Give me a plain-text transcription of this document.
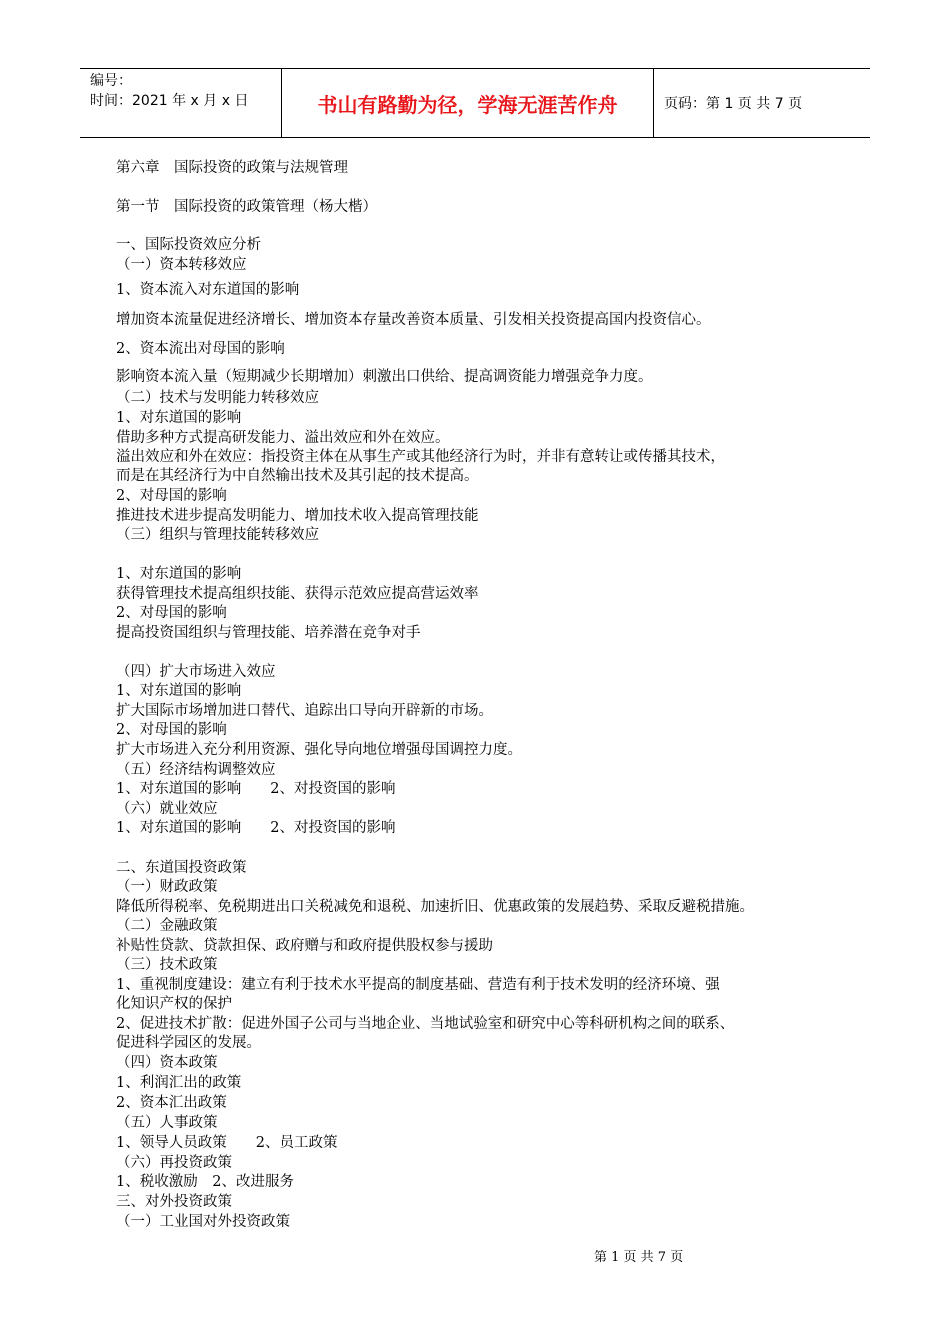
编号：
时间：2021 年 x 月 x 日	书山有路勤为径，学海无涯苦作舟	页码：第 1 页 共 7 页
第六章　国际投资的政策与法规管理
第一节　国际投资的政策管理（杨大楷）
一、国际投资效应分析
（一）资本转移效应
1、资本流入对东道国的影响
增加资本流量促进经济增长、增加资本存量改善资本质量、引发相关投资提高国内投资信心。
2、资本流出对母国的影响
影响资本流入量（短期减少长期增加）刺激出口供给、提高调资能力增强竞争力度。
（二）技术与发明能力转移效应
1、对东道国的影响
借助多种方式提高研发能力、溢出效应和外在效应。
溢出效应和外在效应：指投资主体在从事生产或其他经济行为时，并非有意转让或传播其技术，
而是在其经济行为中自然输出技术及其引起的技术提高。
2、对母国的影响
推进技术进步提高发明能力、增加技术收入提高管理技能
（三）组织与管理技能转移效应
1、对东道国的影响
获得管理技术提高组织技能、获得示范效应提高营运效率
2、对母国的影响
提高投资国组织与管理技能、培养潜在竞争对手
（四）扩大市场进入效应
1、对东道国的影响
扩大国际市场增加进口替代、追踪出口导向开辟新的市场。
2、对母国的影响
扩大市场进入充分利用资源、强化导向地位增强母国调控力度。
（五）经济结构调整效应
1、对东道国的影响　　2、对投资国的影响
（六）就业效应
1、对东道国的影响　　2、对投资国的影响
二、东道国投资政策
（一）财政政策
降低所得税率、免税期进出口关税减免和退税、加速折旧、优惠政策的发展趋势、采取反避税措施。
（二）金融政策
补贴性贷款、贷款担保、政府赠与和政府提供股权参与援助
（三）技术政策
1、重视制度建设：建立有利于技术水平提高的制度基础、营造有利于技术发明的经济环境、强
化知识产权的保护
2、促进技术扩散：促进外国子公司与当地企业、当地试验室和研究中心等科研机构之间的联系、
促进科学园区的发展。
（四）资本政策
1、利润汇出的政策
2、资本汇出政策
（五）人事政策
1、领导人员政策　　2、员工政策
（六）再投资政策
1、税收激励　2、改进服务
三、对外投资政策
（一）工业国对外投资政策
第 1 页 共 7 页
